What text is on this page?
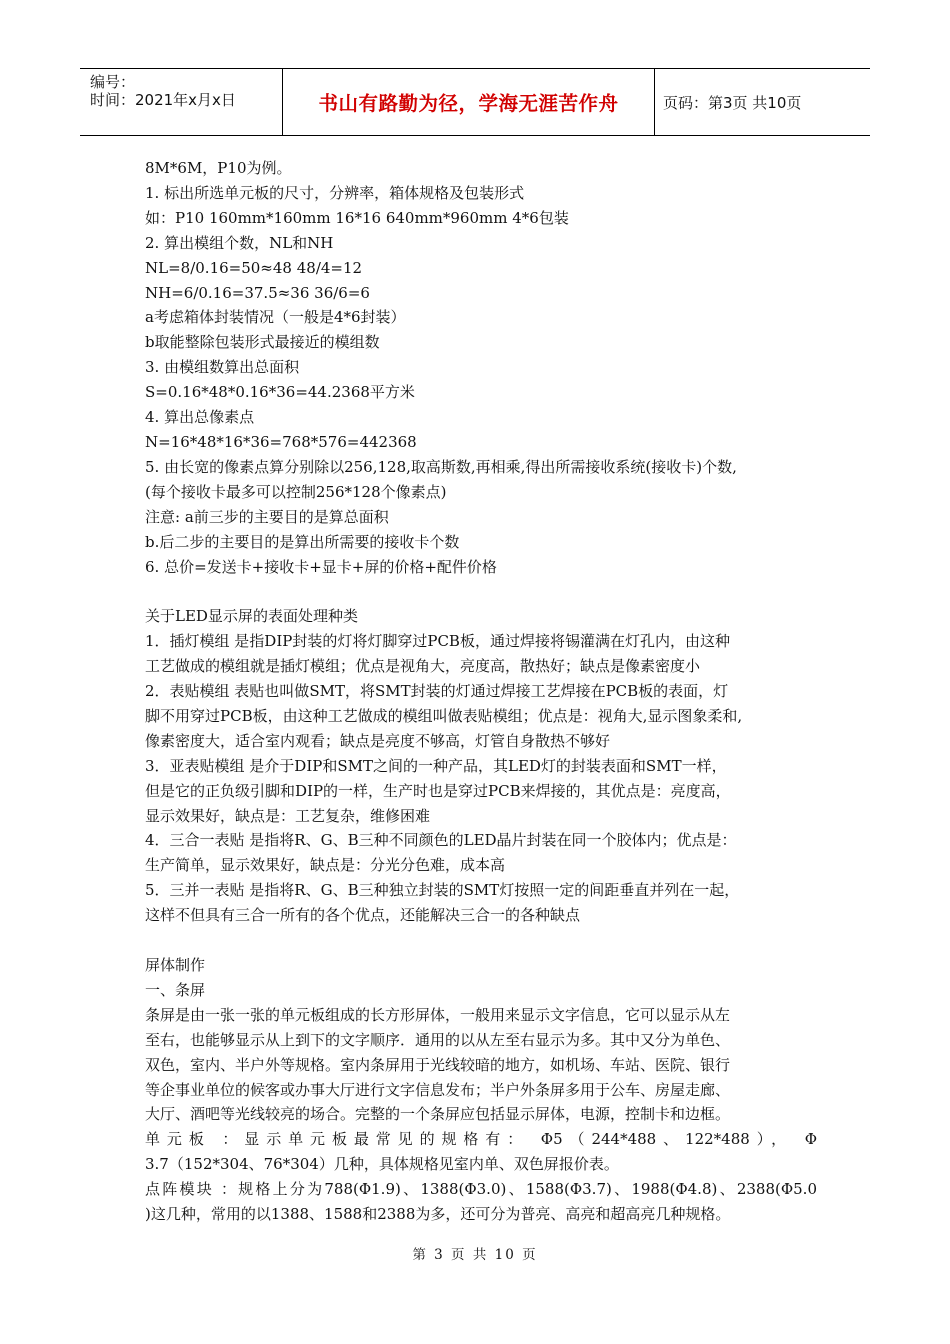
编号：
时间：2021年x月x日	书山有路勤为径，学海无涯苦作舟	页码：第3页 共10页

8M*6M，P10为例。

1. 标出所选单元板的尺寸，分辨率，箱体规格及包装形式

如：P10 160mm*160mm 16*16 640mm*960mm 4*6包装

2. 算出模组个数，NL和NH

NL=8/0.16=50≈48 48/4=12

NH=6/0.16=37.5≈36 36/6=6

a考虑箱体封装情况（一般是4*6封装）

b取能整除包装形式最接近的模组数

3. 由模组数算出总面积

S=0.16*48*0.16*36=44.2368平方米

4. 算出总像素点

N=16*48*16*36=768*576=442368

5. 由长宽的像素点算分别除以256,128,取高斯数,再相乘,得出所需接收系统(接收卡)个数,

(每个接收卡最多可以控制256*128个像素点)

注意: a前三步的主要目的是算总面积

b.后二步的主要目的是算出所需要的接收卡个数

6. 总价=发送卡+接收卡+显卡+屏的价格+配件价格

关于LED显示屏的表面处理种类

1．插灯模组 是指DIP封装的灯将灯脚穿过PCB板，通过焊接将锡灌满在灯孔内，由这种

工艺做成的模组就是插灯模组；优点是视角大，亮度高，散热好；缺点是像素密度小

2．表贴模组 表贴也叫做SMT，将SMT封装的灯通过焊接工艺焊接在PCB板的表面，灯

脚不用穿过PCB板，由这种工艺做成的模组叫做表贴模组；优点是：视角大,显示图象柔和,

像素密度大，适合室内观看；缺点是亮度不够高，灯管自身散热不够好

3．亚表贴模组 是介于DIP和SMT之间的一种产品，其LED灯的封装表面和SMT一样，

但是它的正负级引脚和DIP的一样，生产时也是穿过PCB来焊接的，其优点是：亮度高，

显示效果好，缺点是：工艺复杂，维修困难

4．三合一表贴 是指将R、G、B三种不同颜色的LED晶片封装在同一个胶体内；优点是：

生产简单，显示效果好，缺点是：分光分色难，成本高

5．三并一表贴 是指将R、G、B三种独立封装的SMT灯按照一定的间距垂直并列在一起，

这样不但具有三合一所有的各个优点，还能解决三合一的各种缺点

屏体制作

一、条屏

条屏是由一张一张的单元板组成的长方形屏体，一般用来显示文字信息，它可以显示从左

至右，也能够显示从上到下的文字顺序．通用的以从左至右显示为多。其中又分为单色、

双色，室内、半户外等规格。室内条屏用于光线较暗的地方，如机场、车站、医院、银行

等企事业单位的候客或办事大厅进行文字信息发布；半户外条屏多用于公车、房屋走廊、

大厅、酒吧等光线较亮的场合。完整的一个条屏应包括显示屏体，电源，控制卡和边框。

单元板 ：显示单元板最常见的规格有： Φ5（244*488、122*488）， Φ

3.7（152*304、76*304）几种，具体规格见室内单、双色屏报价表。

点阵模块 ：规格上分为788(Φ1.9)、1388(Φ3.0)、1588(Φ3.7)、1988(Φ4.8)、2388(Φ5.0

)这几种，常用的以1388、1588和2388为多，还可分为普亮、高亮和超高亮几种规格。

第 3 页 共 10 页
